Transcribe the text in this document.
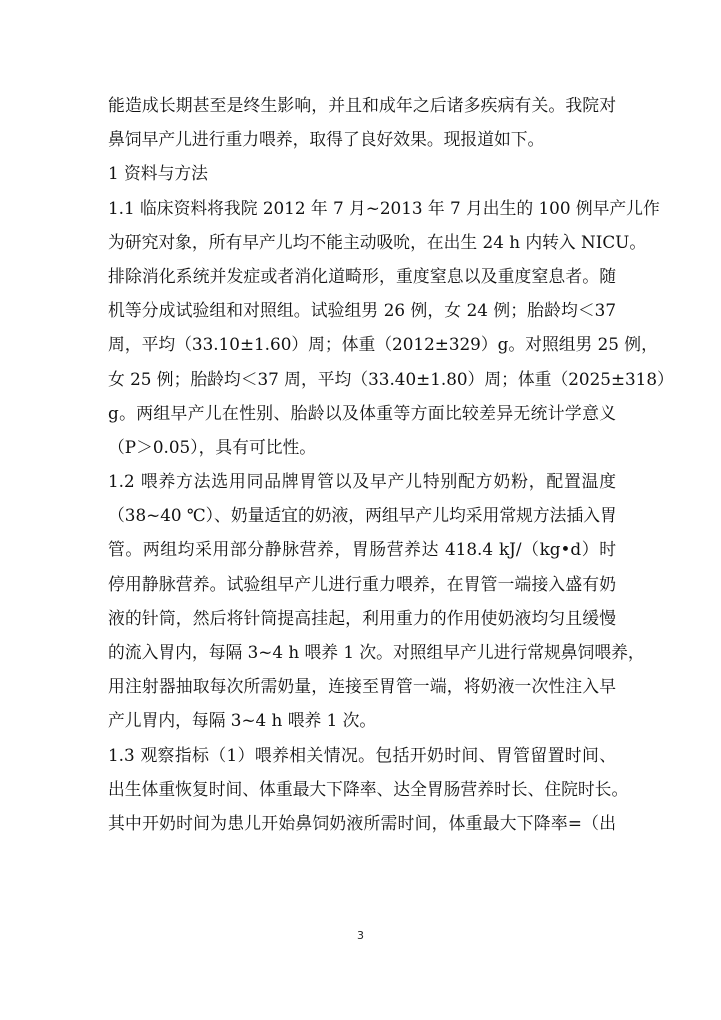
能造成长期甚至是终生影响，并且和成年之后诸多疾病有关。我院对
鼻饲早产儿进行重力喂养，取得了良好效果。现报道如下。
1 资料与方法
1.1 临床资料将我院 2012 年 7 月~2013 年 7 月出生的 100 例早产儿作
为研究对象，所有早产儿均不能主动吸吮，在出生 24 h 内转入 NICU。
排除消化系统并发症或者消化道畸形，重度窒息以及重度窒息者。随
机等分成试验组和对照组。试验组男 26 例，女 24 例；胎龄均＜37
周，平均（33.10±1.60）周；体重（2012±329）g。对照组男 25 例，
女 25 例；胎龄均＜37 周，平均（33.40±1.80）周；体重（2025±318）
g。两组早产儿在性别、胎龄以及体重等方面比较差异无统计学意义
（P＞0.05），具有可比性。
1.2 喂养方法选用同品牌胃管以及早产儿特别配方奶粉，配置温度
（38~40 ℃）、奶量适宜的奶液，两组早产儿均采用常规方法插入胃
管。两组均采用部分静脉营养，胃肠营养达 418.4 kJ/（kg•d）时
停用静脉营养。试验组早产儿进行重力喂养，在胃管一端接入盛有奶
液的针筒，然后将针筒提高挂起，利用重力的作用使奶液均匀且缓慢
的流入胃内，每隔 3~4 h 喂养 1 次。对照组早产儿进行常规鼻饲喂养，
用注射器抽取每次所需奶量，连接至胃管一端，将奶液一次性注入早
产儿胃内，每隔 3~4 h 喂养 1 次。
1.3 观察指标（1）喂养相关情况。包括开奶时间、胃管留置时间、
出生体重恢复时间、体重最大下降率、达全胃肠营养时长、住院时长。
其中开奶时间为患儿开始鼻饲奶液所需时间，体重最大下降率=（出
3
